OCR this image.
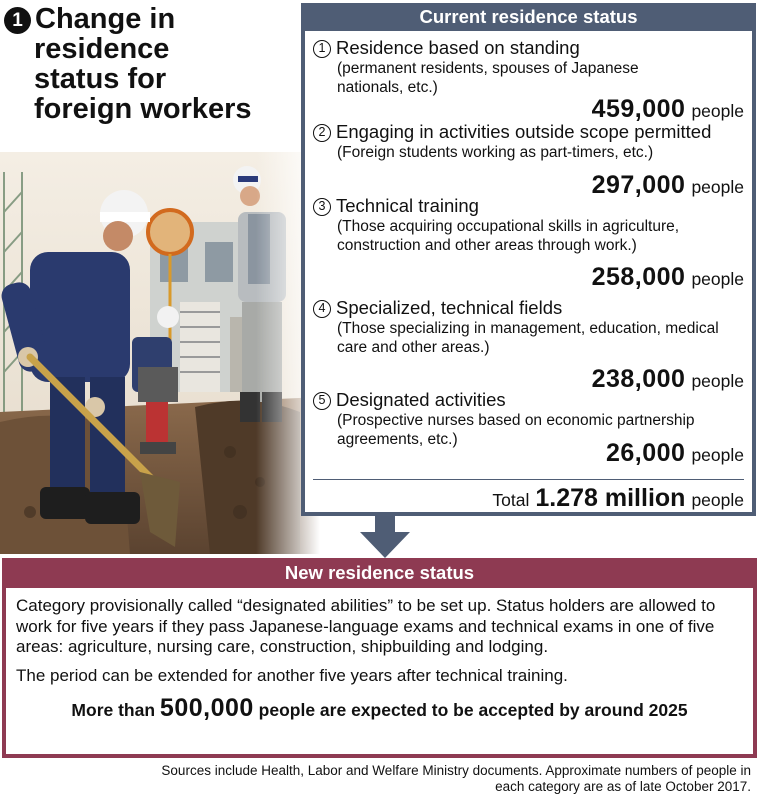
1 Change in
residence
status for
foreign workers
Current residence status
1 Residence based on standing
(permanent residents, spouses of Japanese nationals, etc.)
459,000 people
2 Engaging in activities outside scope permitted
(Foreign students working as part-timers, etc.)
297,000 people
3 Technical training
(Those acquiring occupational skills in agriculture, construction and other areas through work.)
258,000 people
4 Specialized, technical fields
(Those specializing in management, education, medical care and other areas.)
238,000 people
5 Designated activities
(Prospective nurses based on economic partnership agreements, etc.)	26,000 people
Total 1.278 million people
New residence status

Category provisionally called “designated abilities” to be set up. Status holders are allowed to work for five years if they pass Japanese-language exams and technical exams in one of five areas: agriculture, nursing care, construction, shipbuilding and lodging.

The period can be extended for another five years after technical training.

More than 500,000 people are expected to be accepted by around 2025
Sources include Health, Labor and Welfare Ministry documents. Approximate numbers of people in each category are as of late October 2017.
